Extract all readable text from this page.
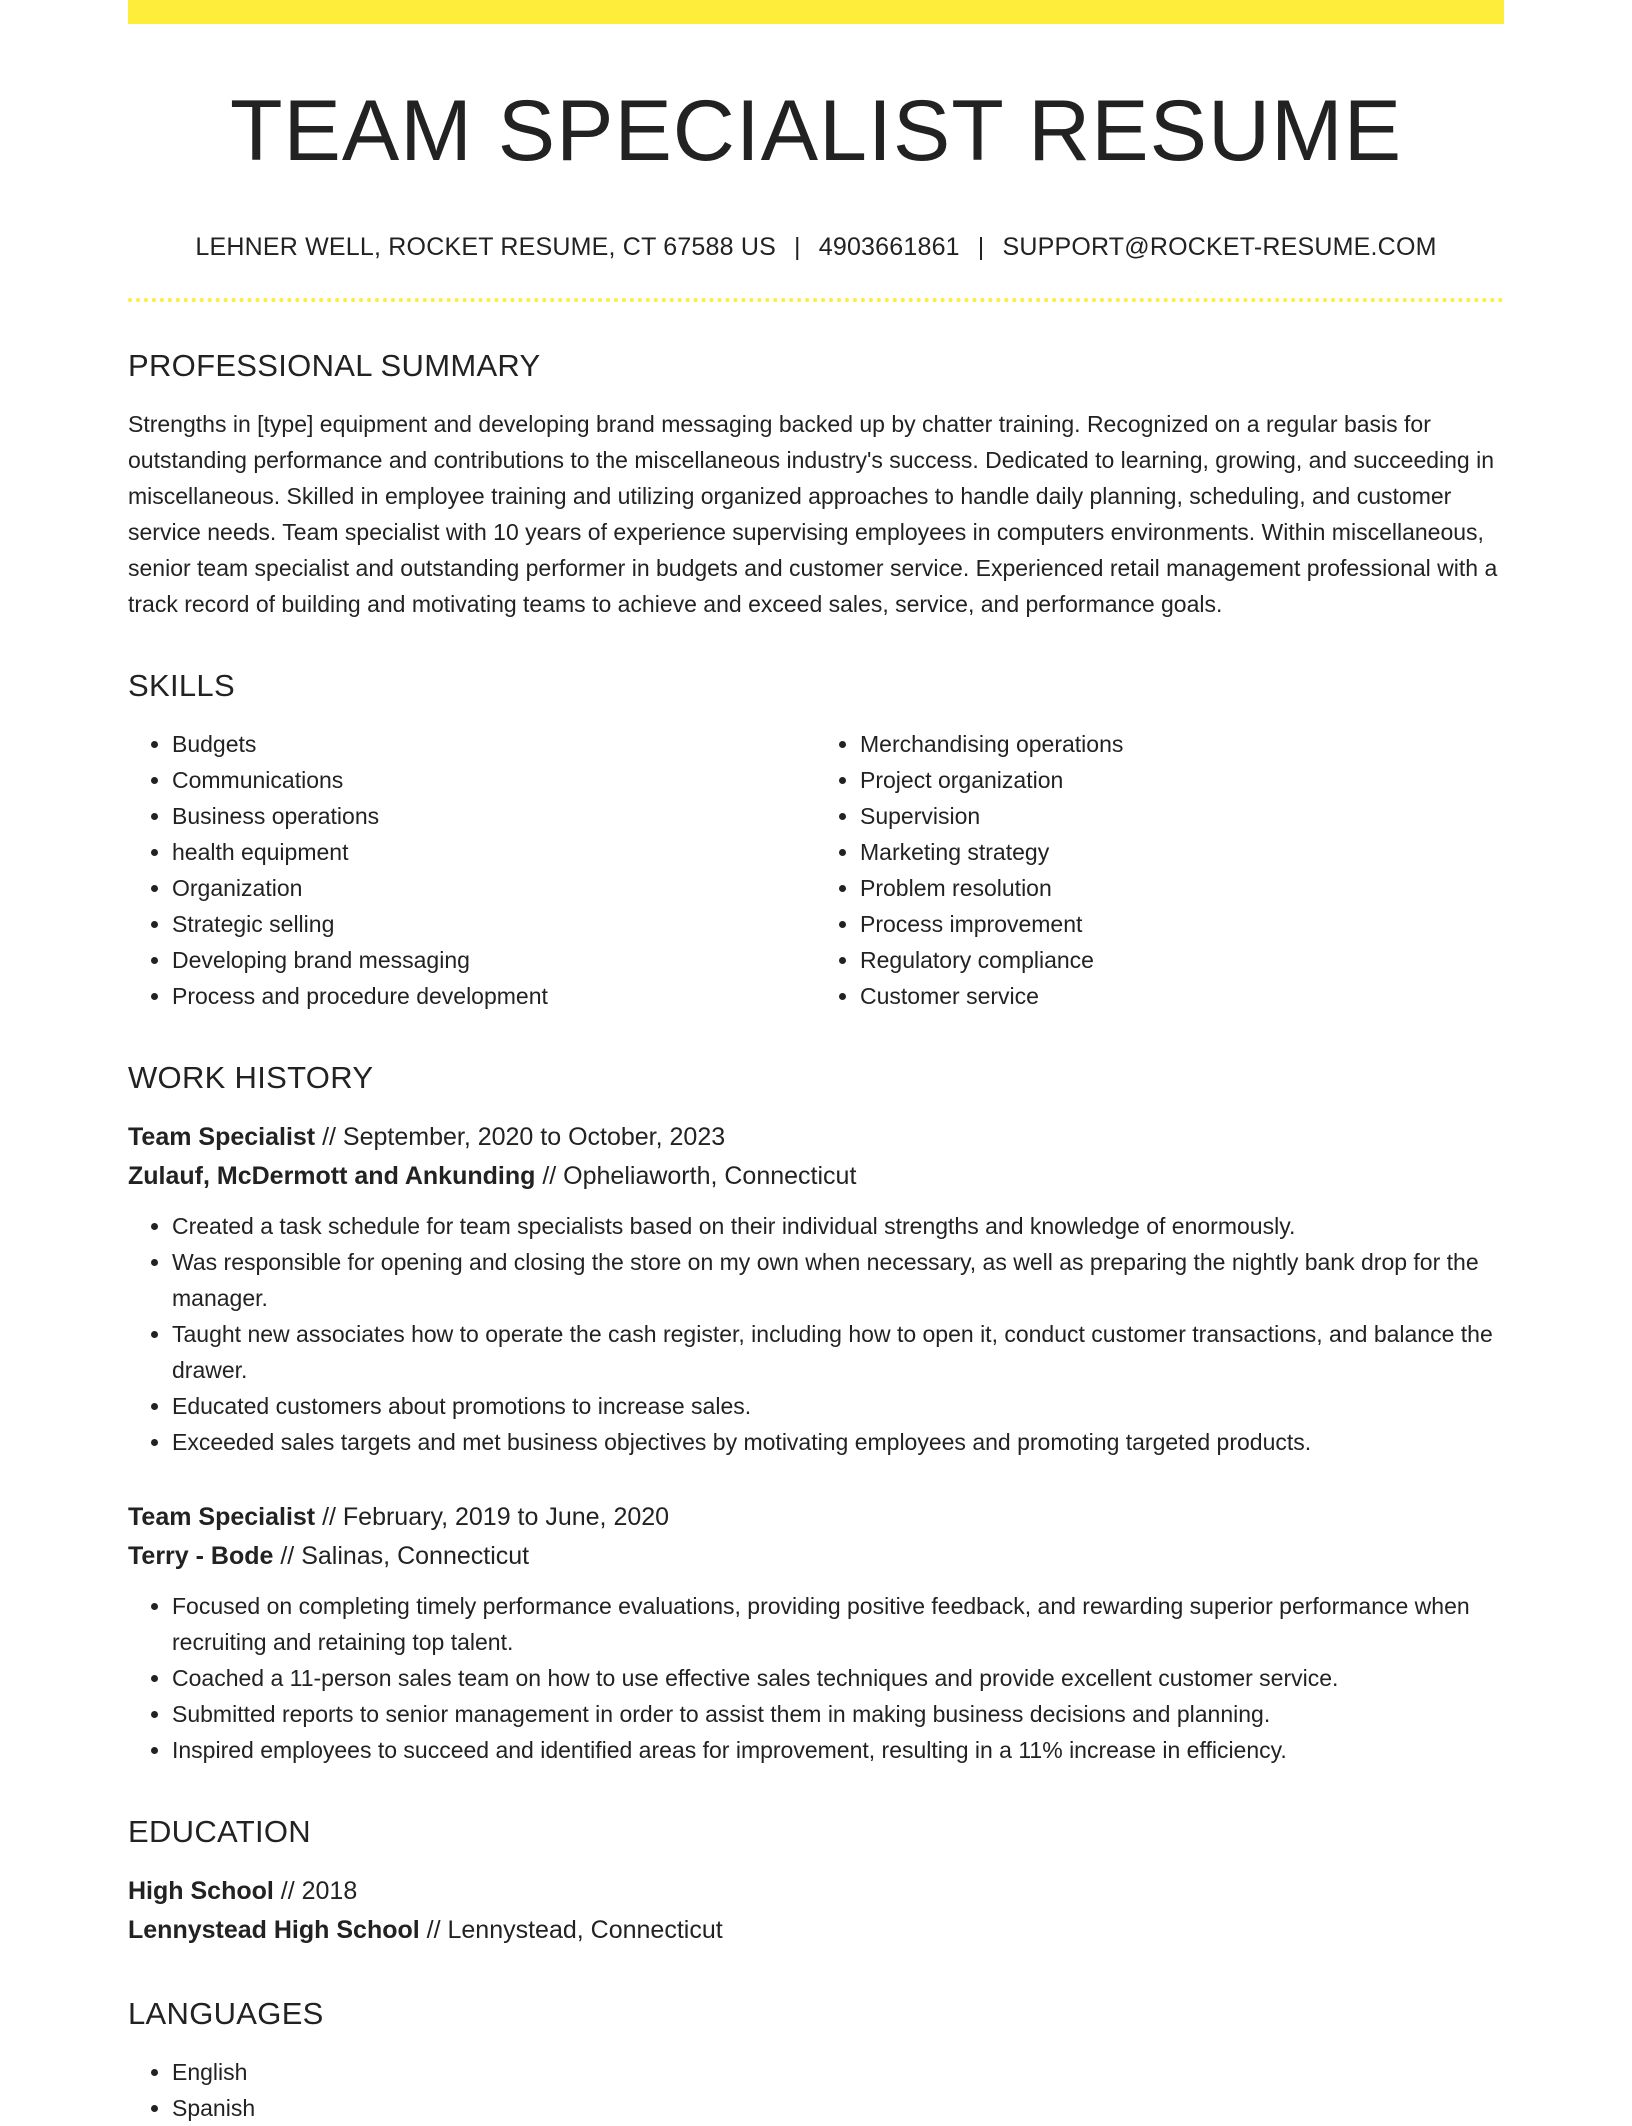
TEAM SPECIALIST RESUME
LEHNER WELL, ROCKET RESUME, CT 67588 US | 4903661861 | SUPPORT@ROCKET-RESUME.COM
PROFESSIONAL SUMMARY

Strengths in [type] equipment and developing brand messaging backed up by chatter training. Recognized on a regular basis for outstanding performance and contributions to the miscellaneous industry's success. Dedicated to learning, growing, and succeeding in miscellaneous. Skilled in employee training and utilizing organized approaches to handle daily planning, scheduling, and customer service needs. Team specialist with 10 years of experience supervising employees in computers environments. Within miscellaneous, senior team specialist and outstanding performer in budgets and customer service. Experienced retail management professional with a track record of building and motivating teams to achieve and exceed sales, service, and performance goals.

SKILLS
• Budgets
• Communications
• Business operations
• health equipment
• Organization
• Strategic selling
• Developing brand messaging
• Process and procedure development
• Merchandising operations
• Project organization
• Supervision
• Marketing strategy
• Problem resolution
• Process improvement
• Regulatory compliance
• Customer service
WORK HISTORY
Team Specialist // September, 2020 to October, 2023
Zulauf, McDermott and Ankunding // Opheliaworth, Connecticut
• Created a task schedule for team specialists based on their individual strengths and knowledge of enormously.
• Was responsible for opening and closing the store on my own when necessary, as well as preparing the nightly bank drop for the manager.
• Taught new associates how to operate the cash register, including how to open it, conduct customer transactions, and balance the drawer.
• Educated customers about promotions to increase sales.
• Exceeded sales targets and met business objectives by motivating employees and promoting targeted products.
Team Specialist // February, 2019 to June, 2020
Terry - Bode // Salinas, Connecticut
• Focused on completing timely performance evaluations, providing positive feedback, and rewarding superior performance when recruiting and retaining top talent.
• Coached a 11-person sales team on how to use effective sales techniques and provide excellent customer service.
• Submitted reports to senior management in order to assist them in making business decisions and planning.
• Inspired employees to succeed and identified areas for improvement, resulting in a 11% increase in efficiency.
EDUCATION
High School // 2018
Lennystead High School // Lennystead, Connecticut
LANGUAGES
• English
• Spanish
